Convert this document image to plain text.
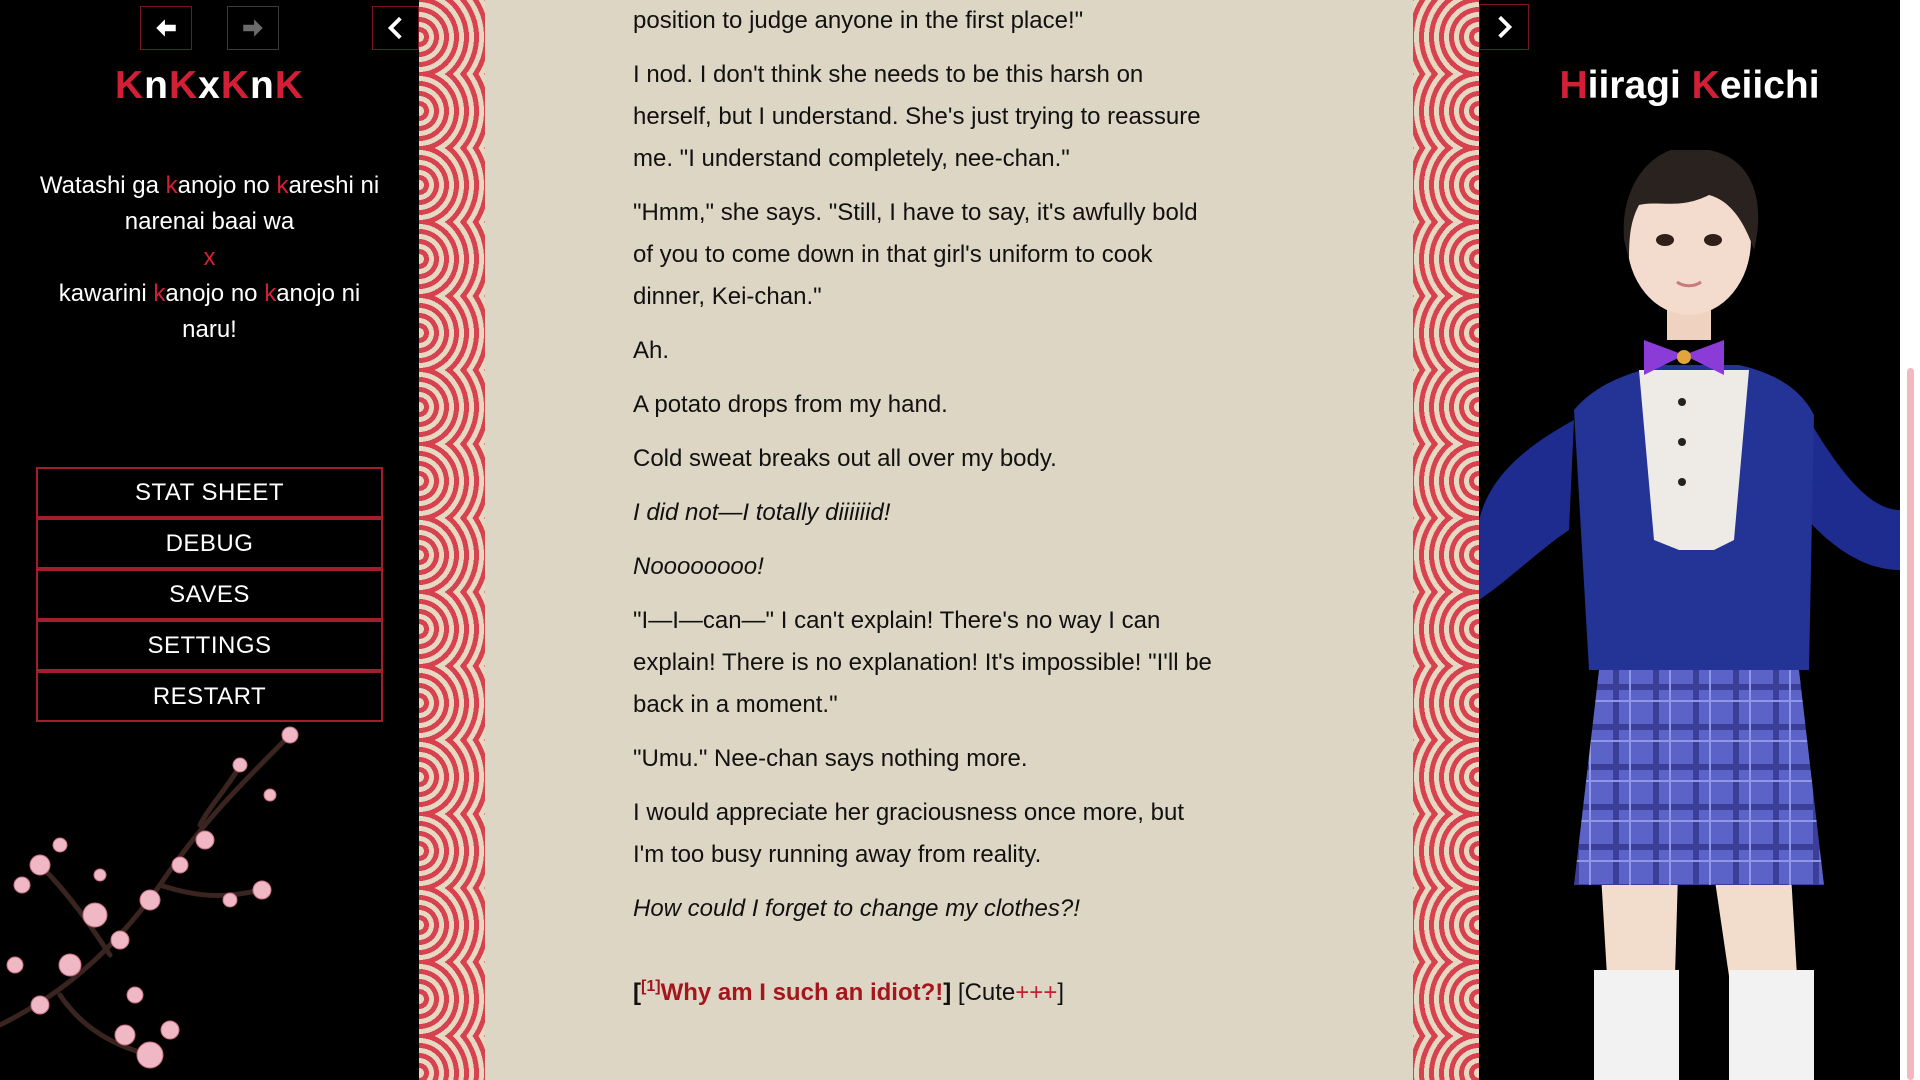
KnKxKnK
Watashi ga kanojo no kareshi ni narenai baai wa
x
kawarini kanojo no kanojo ni naru!
STAT SHEET
DEBUG
SAVES
SETTINGS
RESTART

position to judge anyone in the first place!"

I nod. I don't think she needs to be this harsh on herself, but I understand. She's just trying to reassure me. "I understand completely, nee-chan."

"Hmm," she says. "Still, I have to say, it's awfully bold of you to come down in that girl's uniform to cook dinner, Kei-chan."

Ah.

A potato drops from my hand.

Cold sweat breaks out all over my body.

I did not—I totally diiiiiid!

Noooooooo!

"I—I—can—" I can't explain! There's no way I can explain! There is no explanation! It's impossible! "I'll be back in a moment."

"Umu." Nee-chan says nothing more.

I would appreciate her graciousness once more, but I'm too busy running away from reality.

How could I forget to change my clothes?!

[[1]Why am I such an idiot?!] [Cute+++]

Hiiragi Keiichi
